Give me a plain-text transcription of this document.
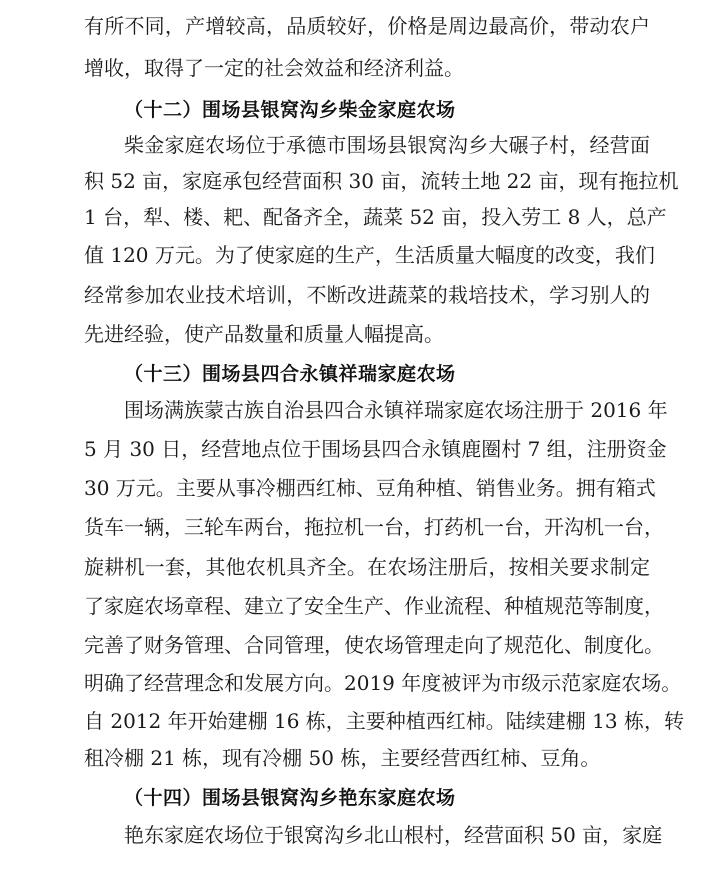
有所不同，产增较高，品质较好，价格是周边最高价，带动农户
增收，取得了一定的社会效益和经济利益。
（十二）围场县银窝沟乡柴金家庭农场
柴金家庭农场位于承德市围场县银窝沟乡大碾子村，经营面
积 52 亩，家庭承包经营面积 30 亩，流转土地 22 亩，现有拖拉机
1 台，犁、楼、耙、配备齐全，蔬菜 52 亩，投入劳工 8 人，总产
值 120 万元。为了使家庭的生产，生活质量大幅度的改变，我们
经常参加农业技术培训，不断改进蔬菜的栽培技术，学习别人的
先进经验，使产品数量和质量人幅提高。
（十三）围场县四合永镇祥瑞家庭农场
围场满族蒙古族自治县四合永镇祥瑞家庭农场注册于 2016 年
5 月 30 日，经营地点位于围场县四合永镇鹿圈村 7 组，注册资金
30 万元。主要从事冷棚西红柿、豆角种植、销售业务。拥有箱式
货车一辆，三轮车两台，拖拉机一台，打药机一台，开沟机一台，
旋耕机一套，其他农机具齐全。在农场注册后，按相关要求制定
了家庭农场章程、建立了安全生产、作业流程、种植规范等制度，
完善了财务管理、合同管理，使农场管理走向了规范化、制度化。
明确了经营理念和发展方向。2019 年度被评为市级示范家庭农场。
自 2012 年开始建棚 16 栋，主要种植西红柿。陆续建棚 13 栋，转
租冷棚 21 栋，现有冷棚 50 栋，主要经营西红柿、豆角。
（十四）围场县银窝沟乡艳东家庭农场
艳东家庭农场位于银窝沟乡北山根村，经营面积 50 亩，家庭
